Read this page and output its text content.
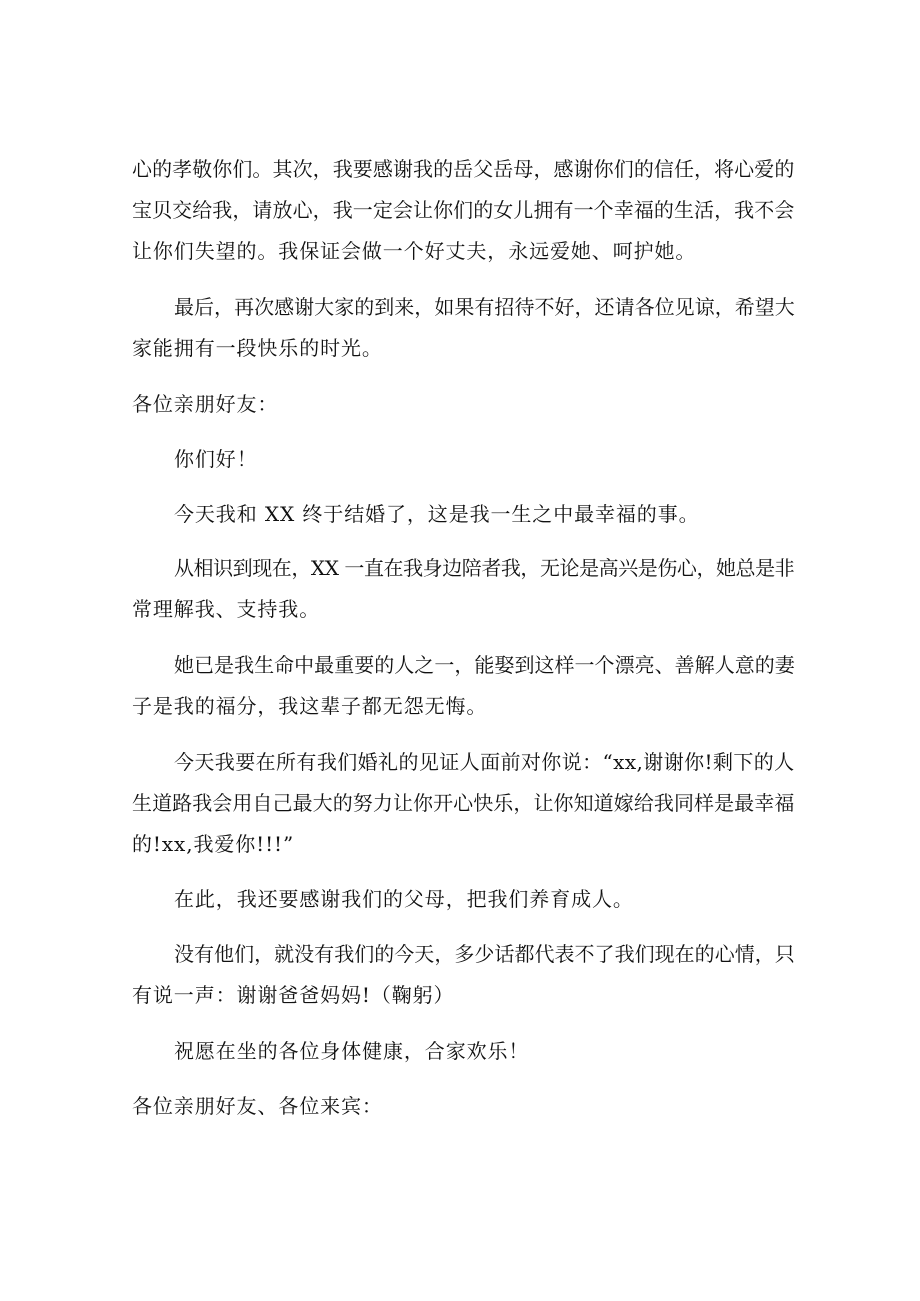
心的孝敬你们。其次，我要感谢我的岳父岳母，感谢你们的信任，将心爱的
宝贝交给我，请放心，我一定会让你们的女儿拥有一个幸福的生活，我不会
让你们失望的。我保证会做一个好丈夫，永远爱她、呵护她。

最后，再次感谢大家的到来，如果有招待不好，还请各位见谅，希望大
家能拥有一段快乐的时光。

各位亲朋好友：

你们好！

今天我和 XX 终于结婚了，这是我一生之中最幸福的事。

从相识到现在，XX 一直在我身边陪者我，无论是高兴是伤心，她总是非
常理解我、支持我。

她已是我生命中最重要的人之一，能娶到这样一个漂亮、善解人意的妻
子是我的福分，我这辈子都无怨无悔。

今天我要在所有我们婚礼的见证人面前对你说：“xx,谢谢你!剩下的人
生道路我会用自己最大的努力让你开心快乐，让你知道嫁给我同样是最幸福
的!xx,我爱你!!!”

在此，我还要感谢我们的父母，把我们养育成人。

没有他们，就没有我们的今天，多少话都代表不了我们现在的心情，只
有说一声：谢谢爸爸妈妈!（鞠躬）

祝愿在坐的各位身体健康，合家欢乐！

各位亲朋好友、各位来宾：
